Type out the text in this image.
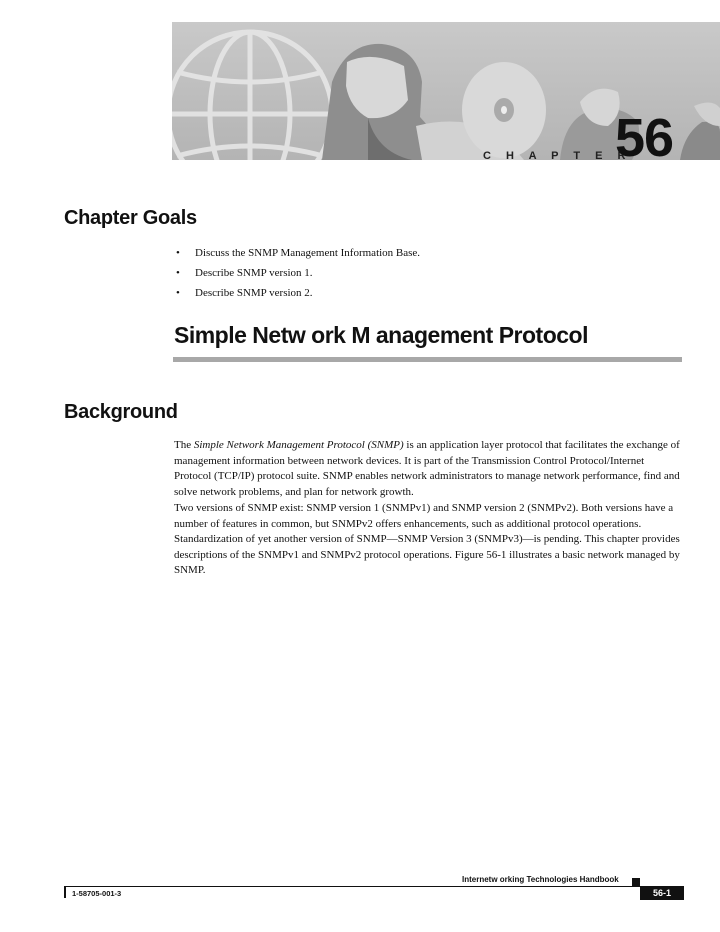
C H A P T E R
56
Chapter Goals
• Discuss the SNMP Management Information Base.
• Describe SNMP version 1.
• Describe SNMP version 2.
Simple Netw ork M anagement Protocol
Background

The Simple Network Management Protocol (SNMP) is an application layer protocol that facilitates the exchange of management information between network devices. It is part of the Transmission Control Protocol/Internet Protocol (TCP/IP) protocol suite. SNMP enables network administrators to manage network performance, find and solve network problems, and plan for network growth.

Two versions of SNMP exist: SNMP version 1 (SNMPv1) and SNMP version 2 (SNMPv2). Both versions have a number of features in common, but SNMPv2 offers enhancements, such as additional protocol operations. Standardization of yet another version of SNMP—SNMP Version 3 (SNMPv3)—is pending. This chapter provides descriptions of the SNMPv1 and SNMPv2 protocol operations. Figure 56-1 illustrates a basic network managed by SNMP.

Internetw orking Technologies Handbook
1-58705-001-3	56-1
